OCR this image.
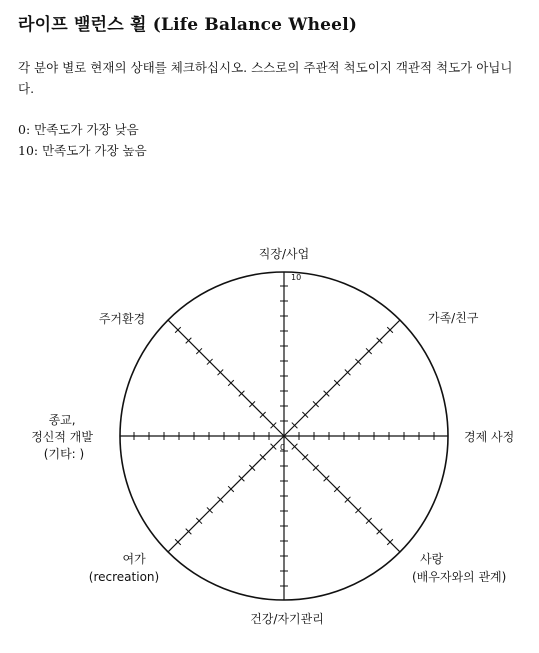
라이프 밸런스 휠 (Life Balance Wheel)
각 분야 별로 현재의 상태를 체크하십시오. 스스로의 주관적 척도이지 객관적 척도가 아닙니다.
0: 만족도가 가장 낮음
10: 만족도가 가장 높음
0
10
직장/사업
가족/친구
경제 사정
사랑 (배우자와의 관계)
건강/자기관리
여가 (recreation)
종교, 정신적 개발 (기타: )
주거환경
